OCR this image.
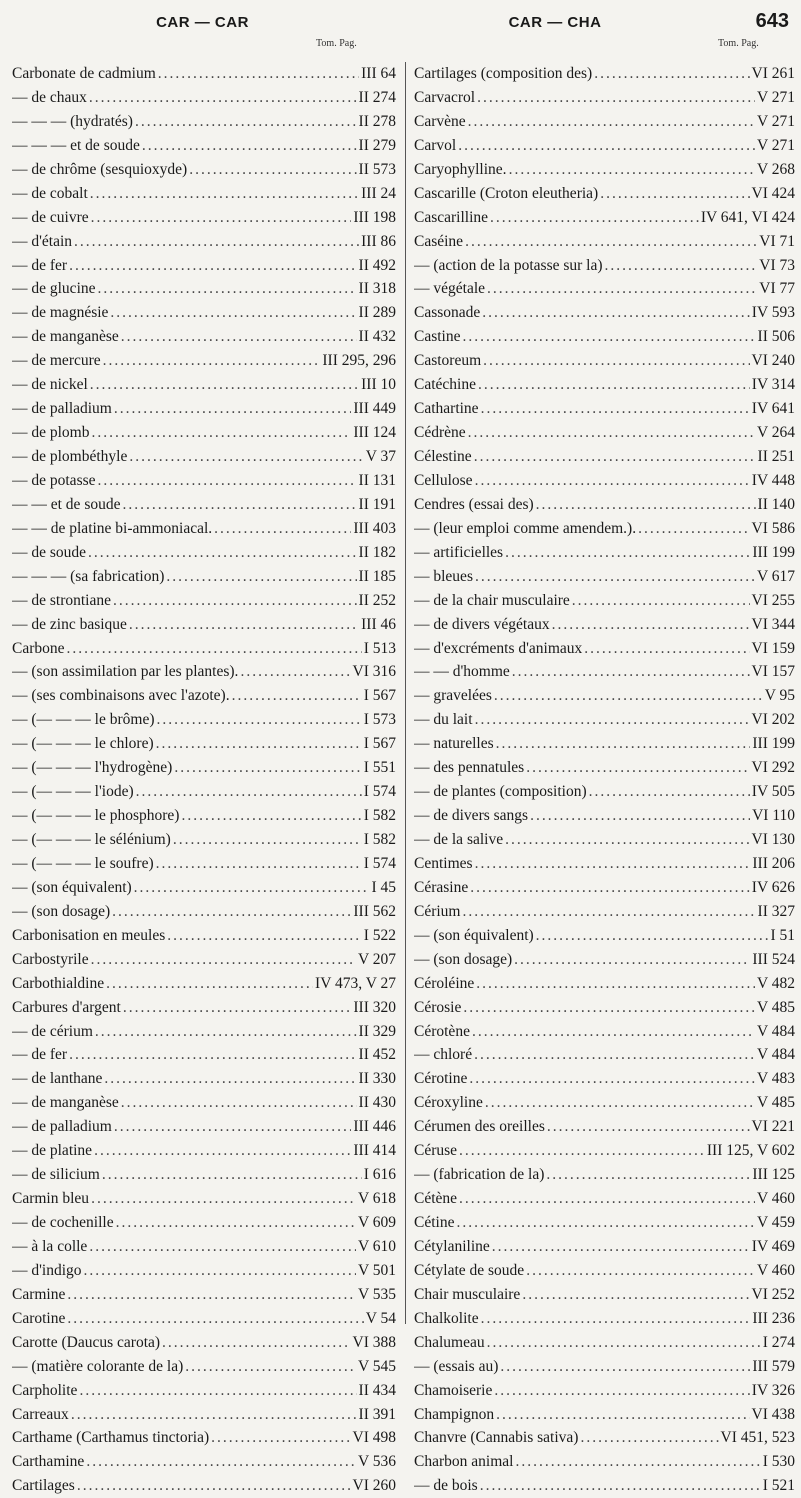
CAR — CAR	CAR — CHA	643
Tom. Pag.	Tom. Pag.
Carbonate de cadmium .....	III 64
— de chaux .....	II 274
— — — (hydratés) .....	II 278
— — — et de soude .....	II 279
— de chrôme (sesquioxyde) .....	II 573
— de cobalt .....	III 24
— de cuivre .....	III 198
— d'étain .....	III 86
— de fer .....	II 492
— de glucine .....	II 318
— de magnésie .....	II 289
— de manganèse .....	II 432
— de mercure .....	III 295, 296
— de nickel .....	III 10
— de palladium .....	III 449
— de plomb .....	III 124
— de plombéthyle .....	V 37
— de potasse .....	II 131
— — et de soude .....	II 191
— — de platine bi-ammoniacal. .....	III 403
— de soude .....	II 182
— — — (sa fabrication) .....	II 185
— de strontiane .....	II 252
— de zinc basique .....	III 46
Carbone .....	I 513
— (son assimilation par les plantes). .....	VI 316
— (ses combinaisons avec l'azote). .....	I 567
— (— — — le brôme) .....	I 573
— (— — — le chlore) .....	I 567
— (— — — l'hydrogène) .....	I 551
— (— — — l'iode) .....	I 574
— (— — — le phosphore) .....	I 582
— (— — — le sélénium) .....	I 582
— (— — — le soufre) .....	I 574
— (son équivalent) .....	I 45
— (son dosage) .....	III 562
Carbonisation en meules .....	I 522
Carbostyrile .....	V 207
Carbothialdine .....	IV 473, V 27
Carbures d'argent .....	III 320
— de cérium .....	II 329
— de fer .....	II 452
— de lanthane .....	II 330
— de manganèse .....	II 430
— de palladium .....	III 446
— de platine .....	III 414
— de silicium .....	I 616
Carmin bleu .....	V 618
— de cochenille .....	V 609
— à la colle .....	V 610
— d'indigo .....	V 501
Carmine .....	V 535
Carotine .....	V 54
Carotte (Daucus carota) .....	VI 388
— (matière colorante de la) .....	V 545
Carpholite .....	II 434
Carreaux .....	II 391
Carthame (Carthamus tinctoria) .....	VI 498
Carthamine .....	V 536
Cartilages .....	VI 260
Cartilages (composition des) .....	VI 261
Carvacrol .....	V 271
Carvène .....	V 271
Carvol .....	V 271
Caryophylline. .....	V 268
Cascarille (Croton eleutheria) .....	VI 424
Cascarilline .....	IV 641, VI 424
Caséine .....	VI 71
— (action de la potasse sur la) .....	VI 73
— végétale .....	VI 77
Cassonade .....	IV 593
Castine .....	II 506
Castoreum .....	VI 240
Catéchine .....	IV 314
Cathartine .....	IV 641
Cédrène .....	V 264
Célestine .....	II 251
Cellulose .....	IV 448
Cendres (essai des) .....	II 140
— (leur emploi comme amendem.). .....	VI 586
— artificielles .....	III 199
— bleues .....	V 617
— de la chair musculaire .....	VI 255
— de divers végétaux .....	VI 344
— d'excréments d'animaux .....	VI 159
— — d'homme .....	VI 157
— gravelées .....	V 95
— du lait .....	VI 202
— naturelles .....	III 199
— des pennatules .....	VI 292
— de plantes (composition) .....	IV 505
— de divers sangs .....	VI 110
— de la salive .....	VI 130
Centimes .....	III 206
Cérasine .....	IV 626
Cérium .....	II 327
— (son équivalent) .....	I 51
— (son dosage) .....	III 524
Céroléine .....	V 482
Cérosie .....	V 485
Cérotène .....	V 484
— chloré .....	V 484
Cérotine .....	V 483
Céroxyline .....	V 485
Cérumen des oreilles .....	VI 221
Céruse .....	III 125, V 602
— (fabrication de la) .....	III 125
Cétène .....	V 460
Cétine .....	V 459
Cétylaniline .....	IV 469
Cétylate de soude .....	V 460
Chair musculaire .....	VI 252
Chalkolite .....	III 236
Chalumeau .....	I 274
— (essais au) .....	III 579
Chamoiserie .....	IV 326
Champignon .....	VI 438
Chanvre (Cannabis sativa) .....	VI 451, 523
Charbon animal .....	I 530
— de bois .....	I 521
